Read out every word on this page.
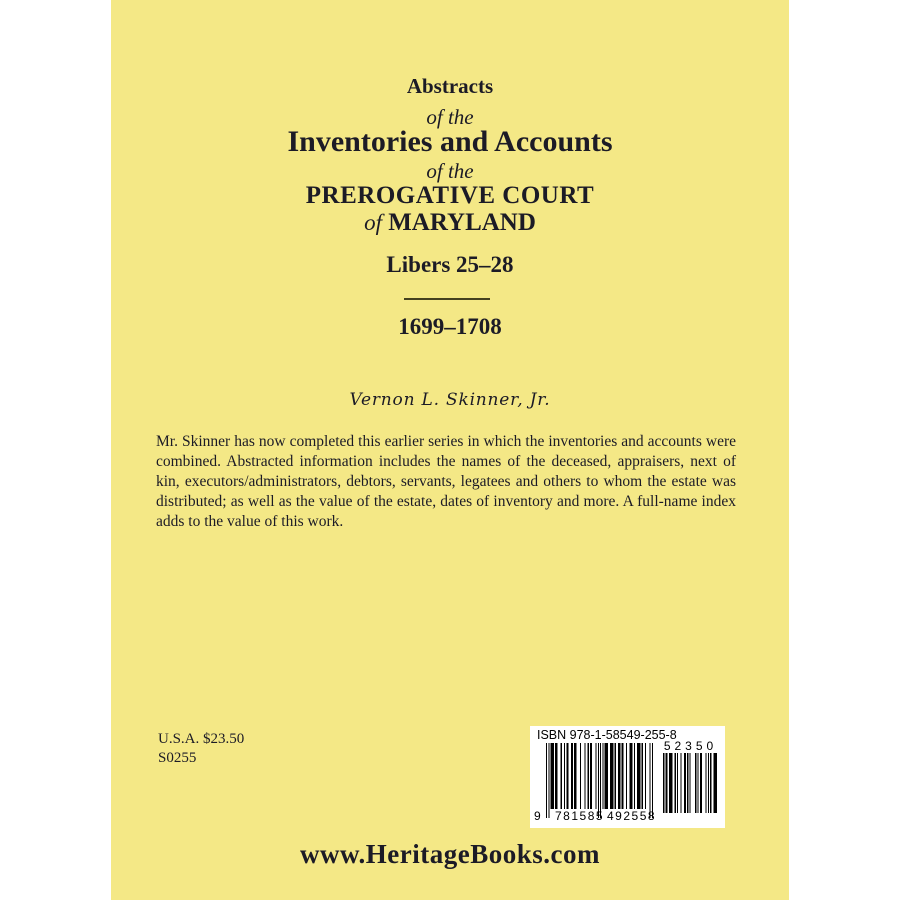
Abstracts
of the
Inventories and Accounts
of the
PREROGATIVE COURT
of MARYLAND
Libers 25–28
1699–1708
Vernon L. Skinner, Jr.

Mr. Skinner has now completed this earlier series in which the inventories and accounts were combined. Abstracted information includes the names of the deceased, appraisers, next of kin, executors/administrators, debtors, servants, legatees and others to whom the estate was distributed; as well as the value of the estate, dates of inventory and more. A full-name index adds to the value of this work.

U.S.A. $23.50
S0255
ISBN 978-1-58549-255-8
9 781585 492558
52350
www.HeritageBooks.com
